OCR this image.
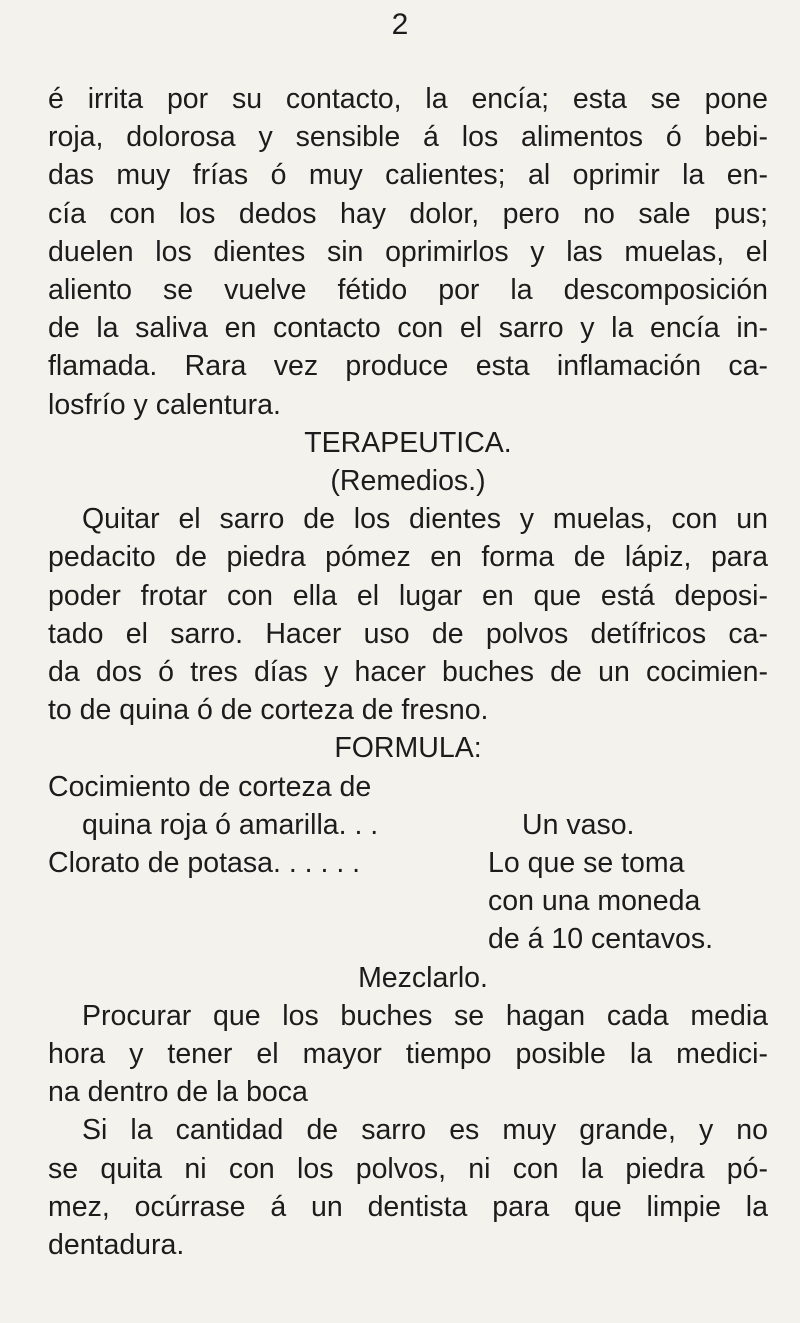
2

é irrita por su contacto, la encía; esta se pone
roja, dolorosa y sensible á los alimentos ó bebi-
das muy frías ó muy calientes; al oprimir la en-
cía con los dedos hay dolor, pero no sale pus;
duelen los dientes sin oprimirlos y las muelas, el
aliento se vuelve fétido por la descomposición
de la saliva en contacto con el sarro y la encía in-
flamada. Rara vez produce esta inflamación ca-
losfrío y calentura.

TERAPEUTICA.
(Remedios.)

Quitar el sarro de los dientes y muelas, con un
pedacito de piedra pómez en forma de lápiz, para
poder frotar con ella el lugar en que está deposi-
tado el sarro. Hacer uso de polvos detífricos ca-
da dos ó tres días y hacer buches de un cocimien-
to de quina ó de corteza de fresno.

FORMULA:
Cocimiento de corteza de
quina roja ó amarilla. . .	Un vaso.
Clorato de potasa. . . . . .	Lo que se toma
con una moneda
de á 10 centavos.
Mezclarlo.

Procurar que los buches se hagan cada media
hora y tener el mayor tiempo posible la medici-
na dentro de la boca

Si la cantidad de sarro es muy grande, y no
se quita ni con los polvos, ni con la piedra pó-
mez, ocúrrase á un dentista para que limpie la
dentadura.
